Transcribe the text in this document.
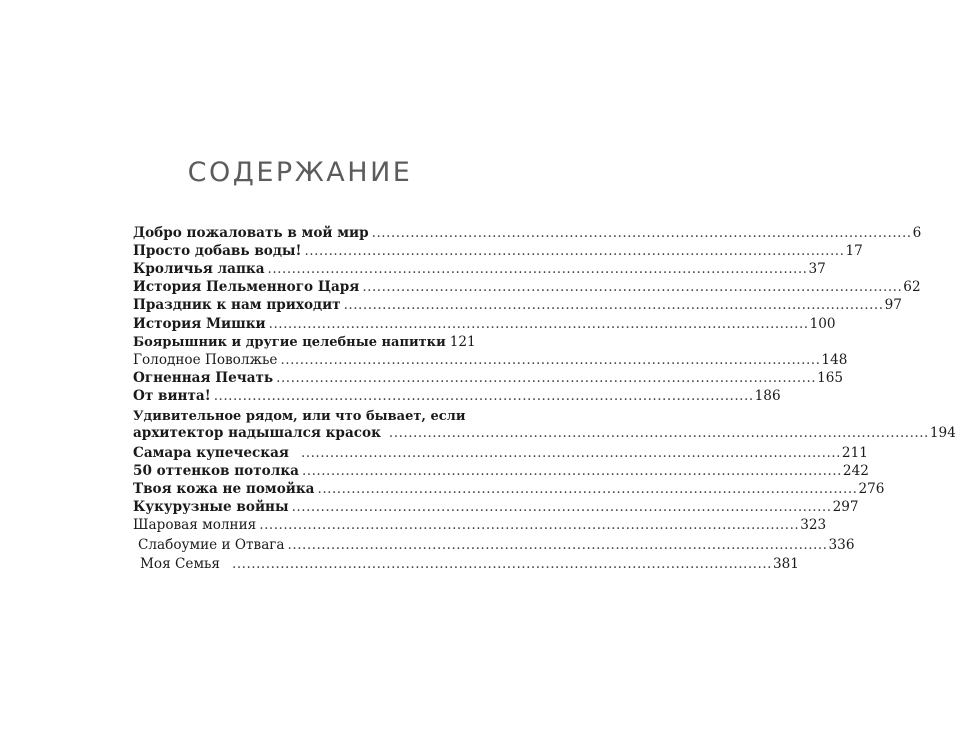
СОДЕРЖАНИЕ
Добро пожаловать в мой мир ................................................................................................................ 6
Просто добавь воды! ................................................................................................................ 17
Кроличья лапка ................................................................................................................ 37
История Пельменного Царя ................................................................................................................ 62
Праздник к нам приходит ................................................................................................................ 97
История Мишки ................................................................................................................ 100
Боярышник и другие целебные напитки 121
Голодное Поволжье ................................................................................................................ 148
Огненная Печать ................................................................................................................ 165
От винта! ................................................................................................................ 186
Удивительное рядом, или что бывает, если
архитектор надышался красок ................................................................................................................ 194
Самара купеческая ................................................................................................................ 211
50 оттенков потолка ................................................................................................................ 242
Твоя кожа не помойка ................................................................................................................ 276
Кукурузные войны ................................................................................................................ 297
Шаровая молния ................................................................................................................ 323
Слабоумие и Отвага ................................................................................................................ 336
Моя Семья ................................................................................................................ 381
